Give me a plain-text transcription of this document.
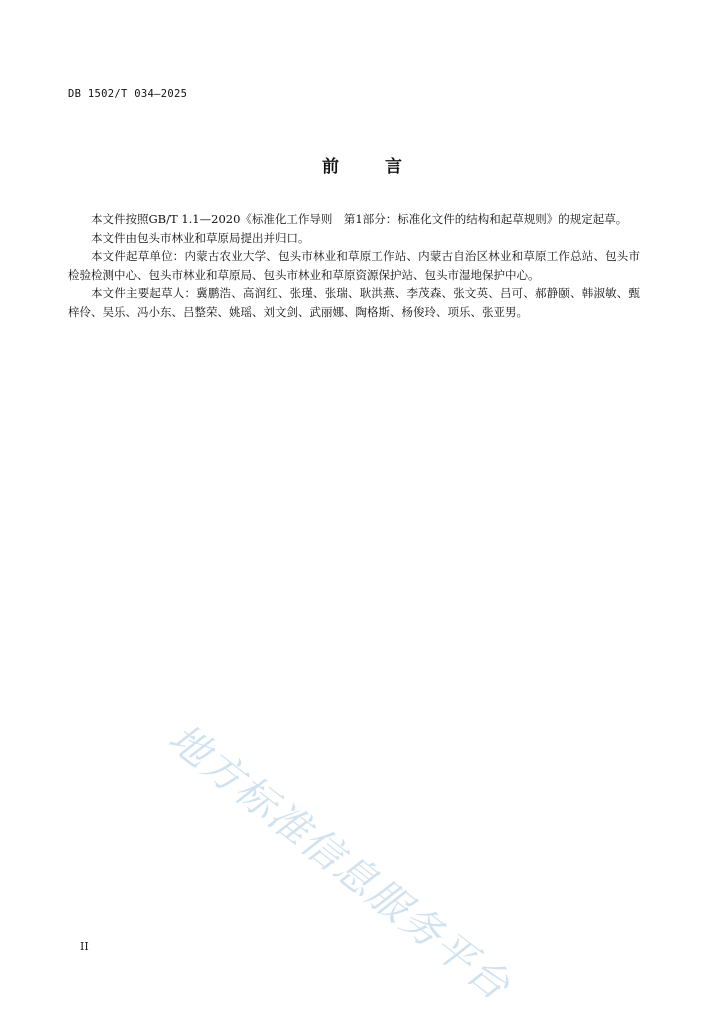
DB 1502/T 034—2025
前	言

本文件按照GB/T 1.1—2020《标准化工作导则　第1部分：标准化文件的结构和起草规则》的规定起草。

本文件由包头市林业和草原局提出并归口。

本文件起草单位：内蒙古农业大学、包头市林业和草原工作站、内蒙古自治区林业和草原工作总站、包头市检验检测中心、包头市林业和草原局、包头市林业和草原资源保护站、包头市湿地保护中心。

本文件主要起草人：冀鹏浩、高润红、张瑾、张瑞、耿洪燕、李茂森、张文英、吕可、郝静颐、韩淑敏、甄梓伶、吴乐、冯小东、吕整荣、姚瑶、刘文剑、武丽娜、陶格斯、杨俊玲、项乐、张亚男。

地方标准信息服务平台
II
